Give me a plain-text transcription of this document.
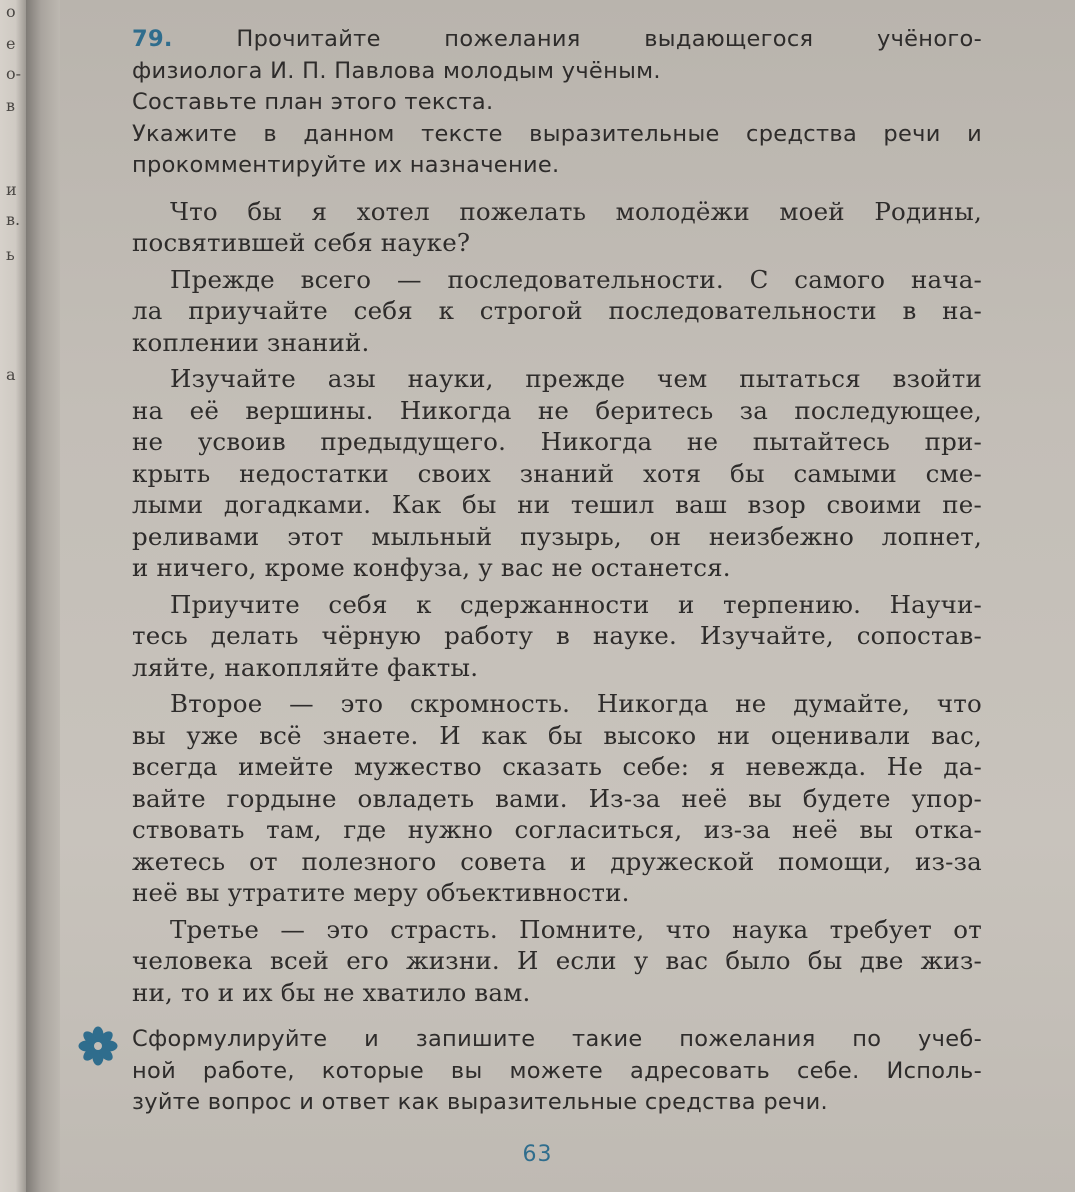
о
е
о-
в
и
в.
ь
а
79.	Прочитайте пожелания выдающегося учёного-
физиолога И. П. Павлова молодым учёным.
Составьте план этого текста.
Укажите в данном тексте выразительные средства речи и
прокомментируйте их назначение.
Что бы я хотел пожелать молодёжи моей Родины,
посвятившей себя науке?
Прежде всего — последовательности. С самого нача-
ла приучайте себя к строгой последовательности в на-
коплении знаний.
Изучайте азы науки, прежде чем пытаться взойти
на её вершины. Никогда не беритесь за последующее,
не усвоив предыдущего. Никогда не пытайтесь при-
крыть недостатки своих знаний хотя бы самыми сме-
лыми догадками. Как бы ни тешил ваш взор своими пе-
реливами этот мыльный пузырь, он неизбежно лопнет,
и ничего, кроме конфуза, у вас не останется.
Приучите себя к сдержанности и терпению. Научи-
тесь делать чёрную работу в науке. Изучайте, сопостав-
ляйте, накопляйте факты.
Второе — это скромность. Никогда не думайте, что
вы уже всё знаете. И как бы высоко ни оценивали вас,
всегда имейте мужество сказать себе: я невежда. Не да-
вайте гордыне овладеть вами. Из-за неё вы будете упор-
ствовать там, где нужно согласиться, из-за неё вы отка-
жетесь от полезного совета и дружеской помощи, из-за
неё вы утратите меру объективности.
Третье — это страсть. Помните, что наука требует от
человека всей его жизни. И если у вас было бы две жиз-
ни, то и их бы не хватило вам.
Сформулируйте и запишите такие пожелания по учеб-
ной работе, которые вы можете адресовать себе. Исполь-
зуйте вопрос и ответ как выразительные средства речи.
63
